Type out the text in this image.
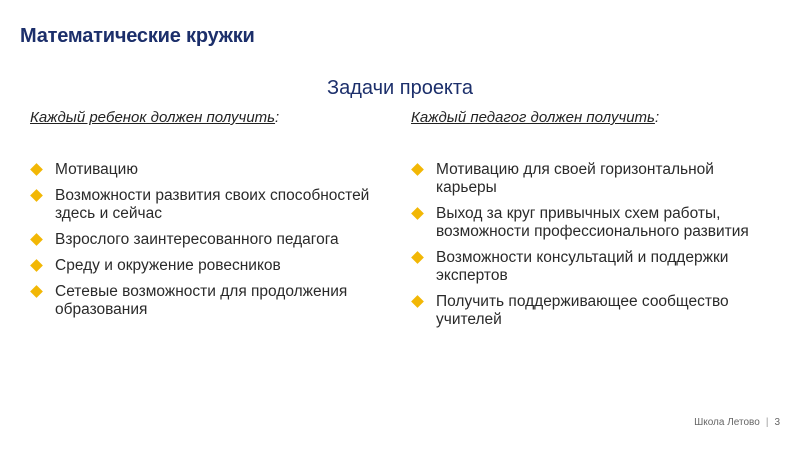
Математические кружки
Задачи проекта
Каждый ребенок должен получить:
Мотивацию
Возможности развития своих способностей здесь и сейчас
Взрослого заинтересованного педагога
Среду и окружение ровесников
Сетевые возможности для продолжения образования
Каждый педагог должен получить:
Мотивацию для своей горизонтальной карьеры
Выход за круг привычных схем работы, возможности профессионального развития
Возможности консультаций и поддержки экспертов
Получить поддерживающее сообщество учителей
Школа Летово | 3
